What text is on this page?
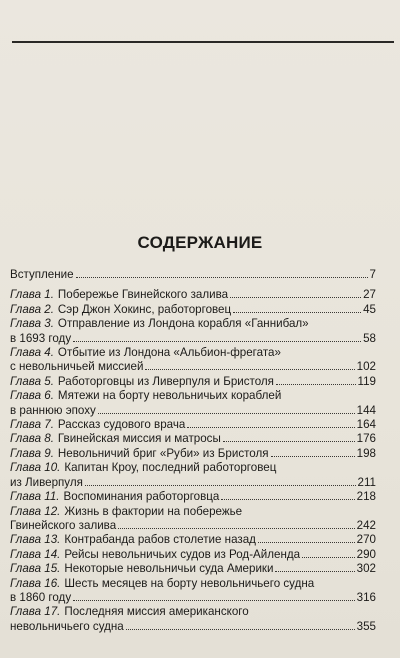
СОДЕРЖАНИЕ
Вступление	7
Глава 1. Побережье Гвинейского залива	27
Глава 2. Сэр Джон Хокинс, работорговец	45
Глава 3. Отправление из Лондона корабля «Ганнибал»
в 1693 году	58
Глава 4. Отбытие из Лондона «Альбион-фрегата»
с невольничьей миссией	102
Глава 5. Работорговцы из Ливерпуля и Бристоля	119
Глава 6. Мятежи на борту невольничьих кораблей
в раннюю эпоху	144
Глава 7. Рассказ судового врача	164
Глава 8. Гвинейская миссия и матросы	176
Глава 9. Невольничий бриг «Руби» из Бристоля	198
Глава 10. Капитан Кроу, последний работорговец
из Ливерпуля	211
Глава 11. Воспоминания работорговца	218
Глава 12. Жизнь в фактории на побережье
Гвинейского залива	242
Глава 13. Контрабанда рабов столетие назад	270
Глава 14. Рейсы невольничьих судов из Род-Айленда	290
Глава 15. Некоторые невольничьи суда Америки	302
Глава 16. Шесть месяцев на борту невольничьего судна
в 1860 году	316
Глава 17. Последняя миссия американского
невольничьего судна	355
